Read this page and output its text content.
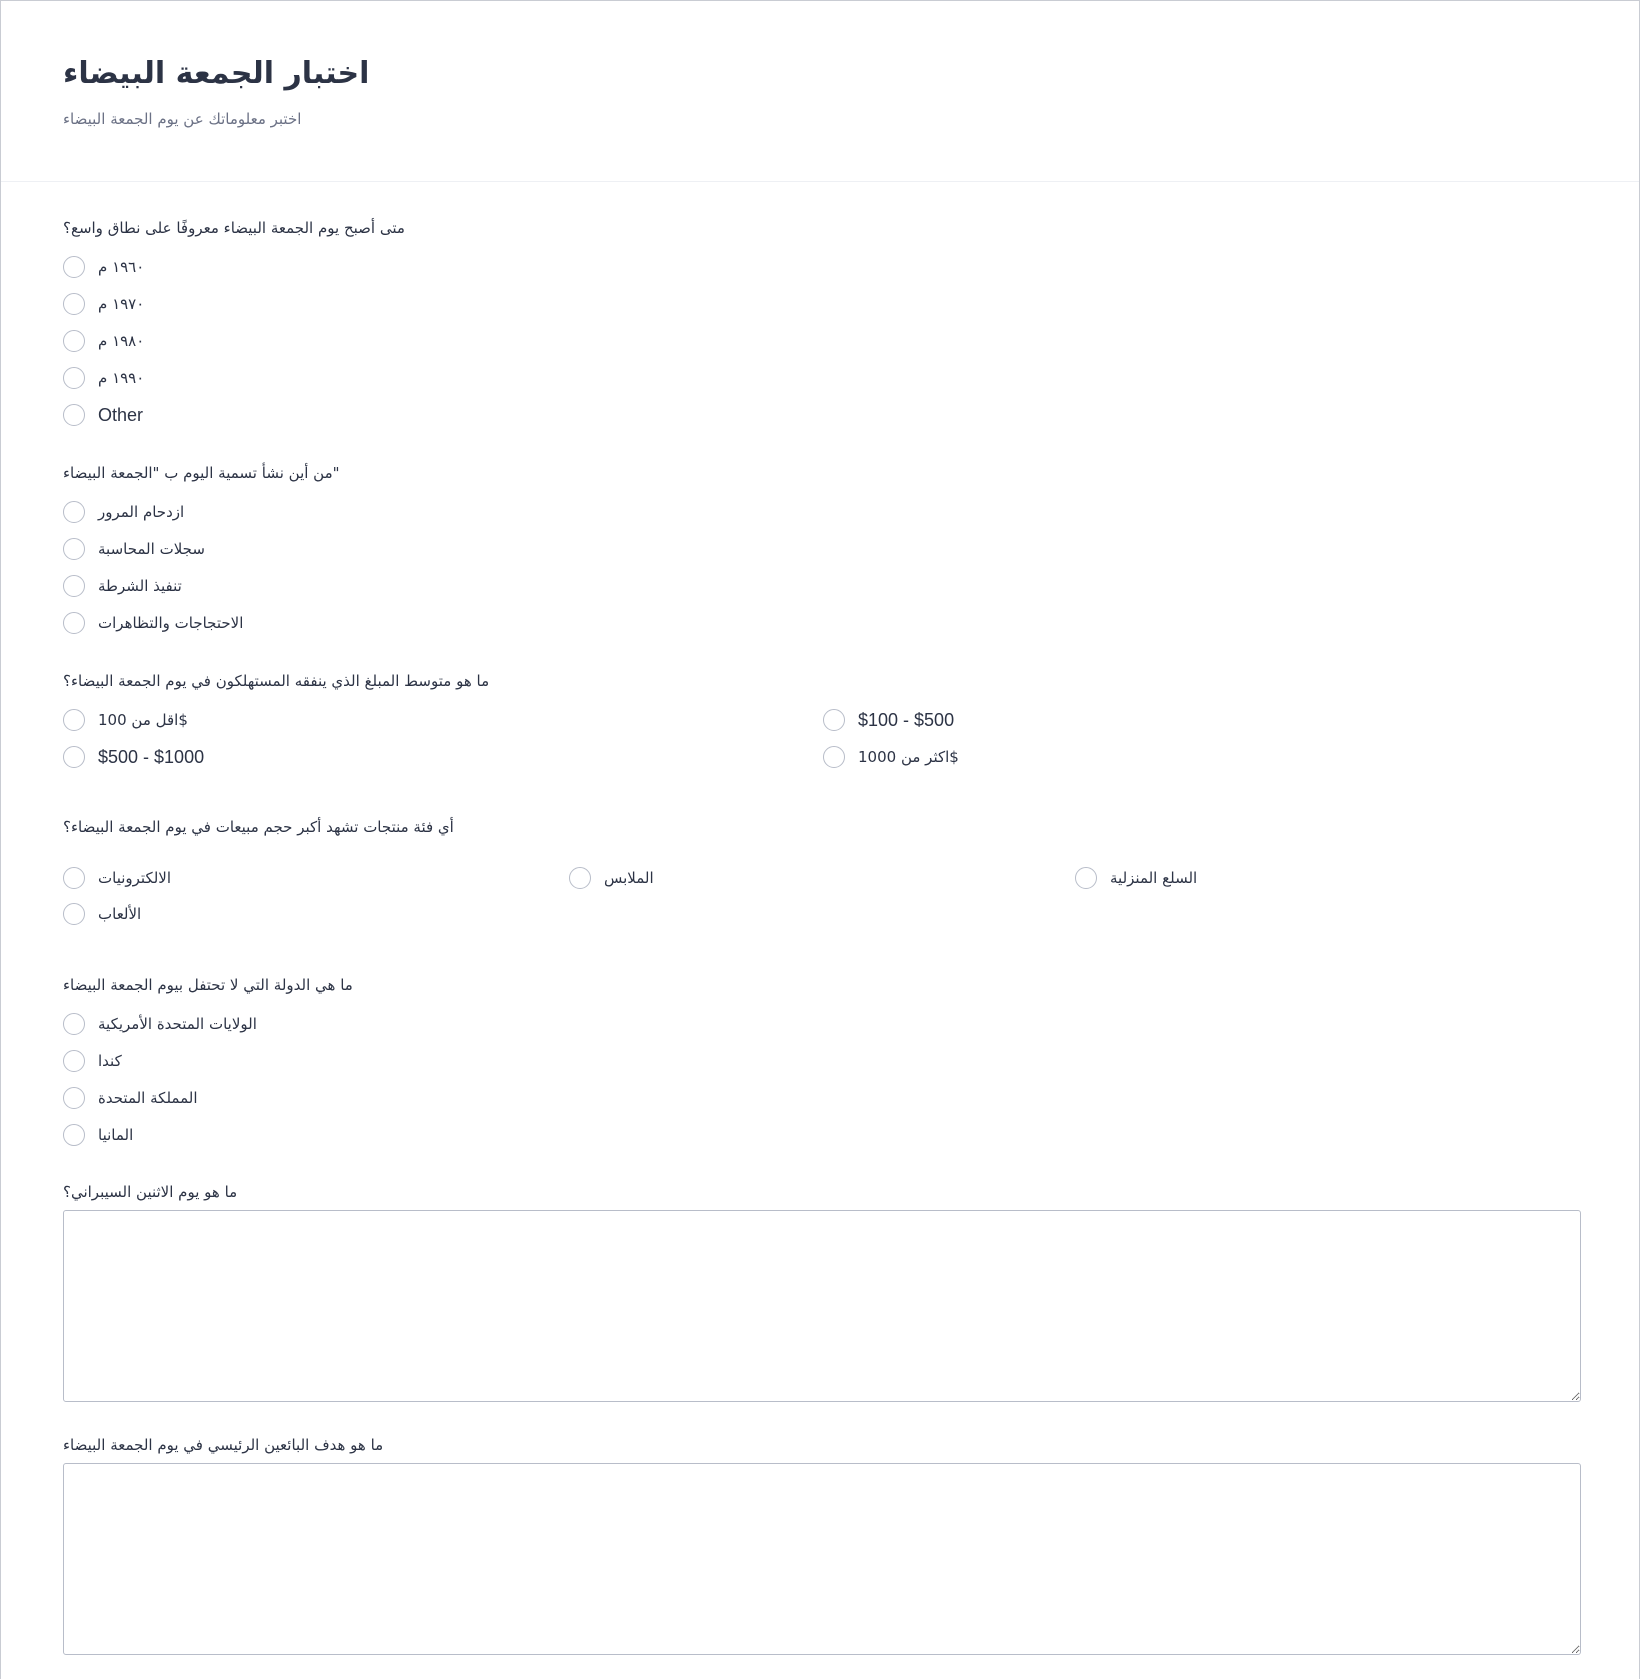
اختبار الجمعة البيضاء
اختبر معلوماتك عن يوم الجمعة البيضاء
متى أصبح يوم الجمعة البيضاء معروفًا على نطاق واسع؟
١٩٦٠ م
١٩٧٠ م
١٩٨٠ م
١٩٩٠ م
Other
من أين نشأ تسمية اليوم ب "الجمعة البيضاء"
ازدحام المرور
سجلات المحاسبة
تنفيذ الشرطة
الاحتجاجات والتظاهرات
ما هو متوسط المبلغ الذي ينفقه المستهلكون في يوم الجمعة البيضاء؟
اقل من 100$	$100 - $500
$500 - $1000	اكثر من 1000$
أي فئة منتجات تشهد أكبر حجم مبيعات في يوم الجمعة البيضاء؟
الالكترونيات	الملابس	السلع المنزلية
الألعاب
ما هي الدولة التي لا تحتفل بيوم الجمعة البيضاء
الولايات المتحدة الأمريكية
كندا
المملكة المتحدة
المانيا
ما هو يوم الاثنين السيبراني؟
ما هو هدف البائعين الرئيسي في يوم الجمعة البيضاء
